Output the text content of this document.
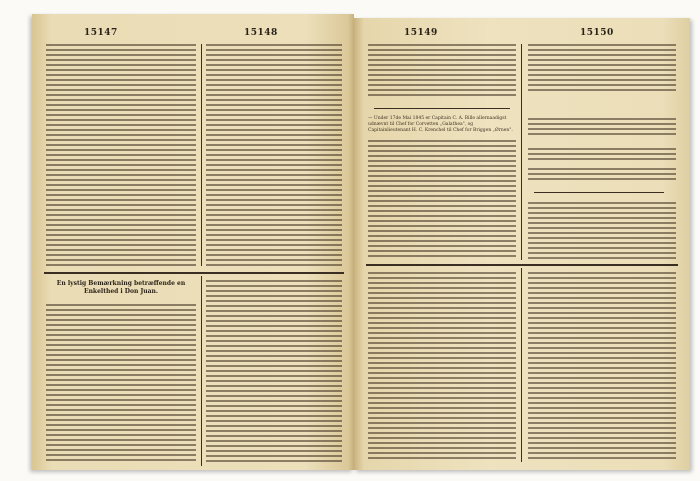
15147	15148
En lystig Bemærkning betræffende en Enkelthed i Don Juan.
15149	15150
— Under 17de Mai 1845 er Capitain C. A. Bille allernaadigst udnævnt til Chef for Corvetten „Galathea", og Capitainlieutenant H. C. Krenchel til Chef for Briggen „Ørnen".
